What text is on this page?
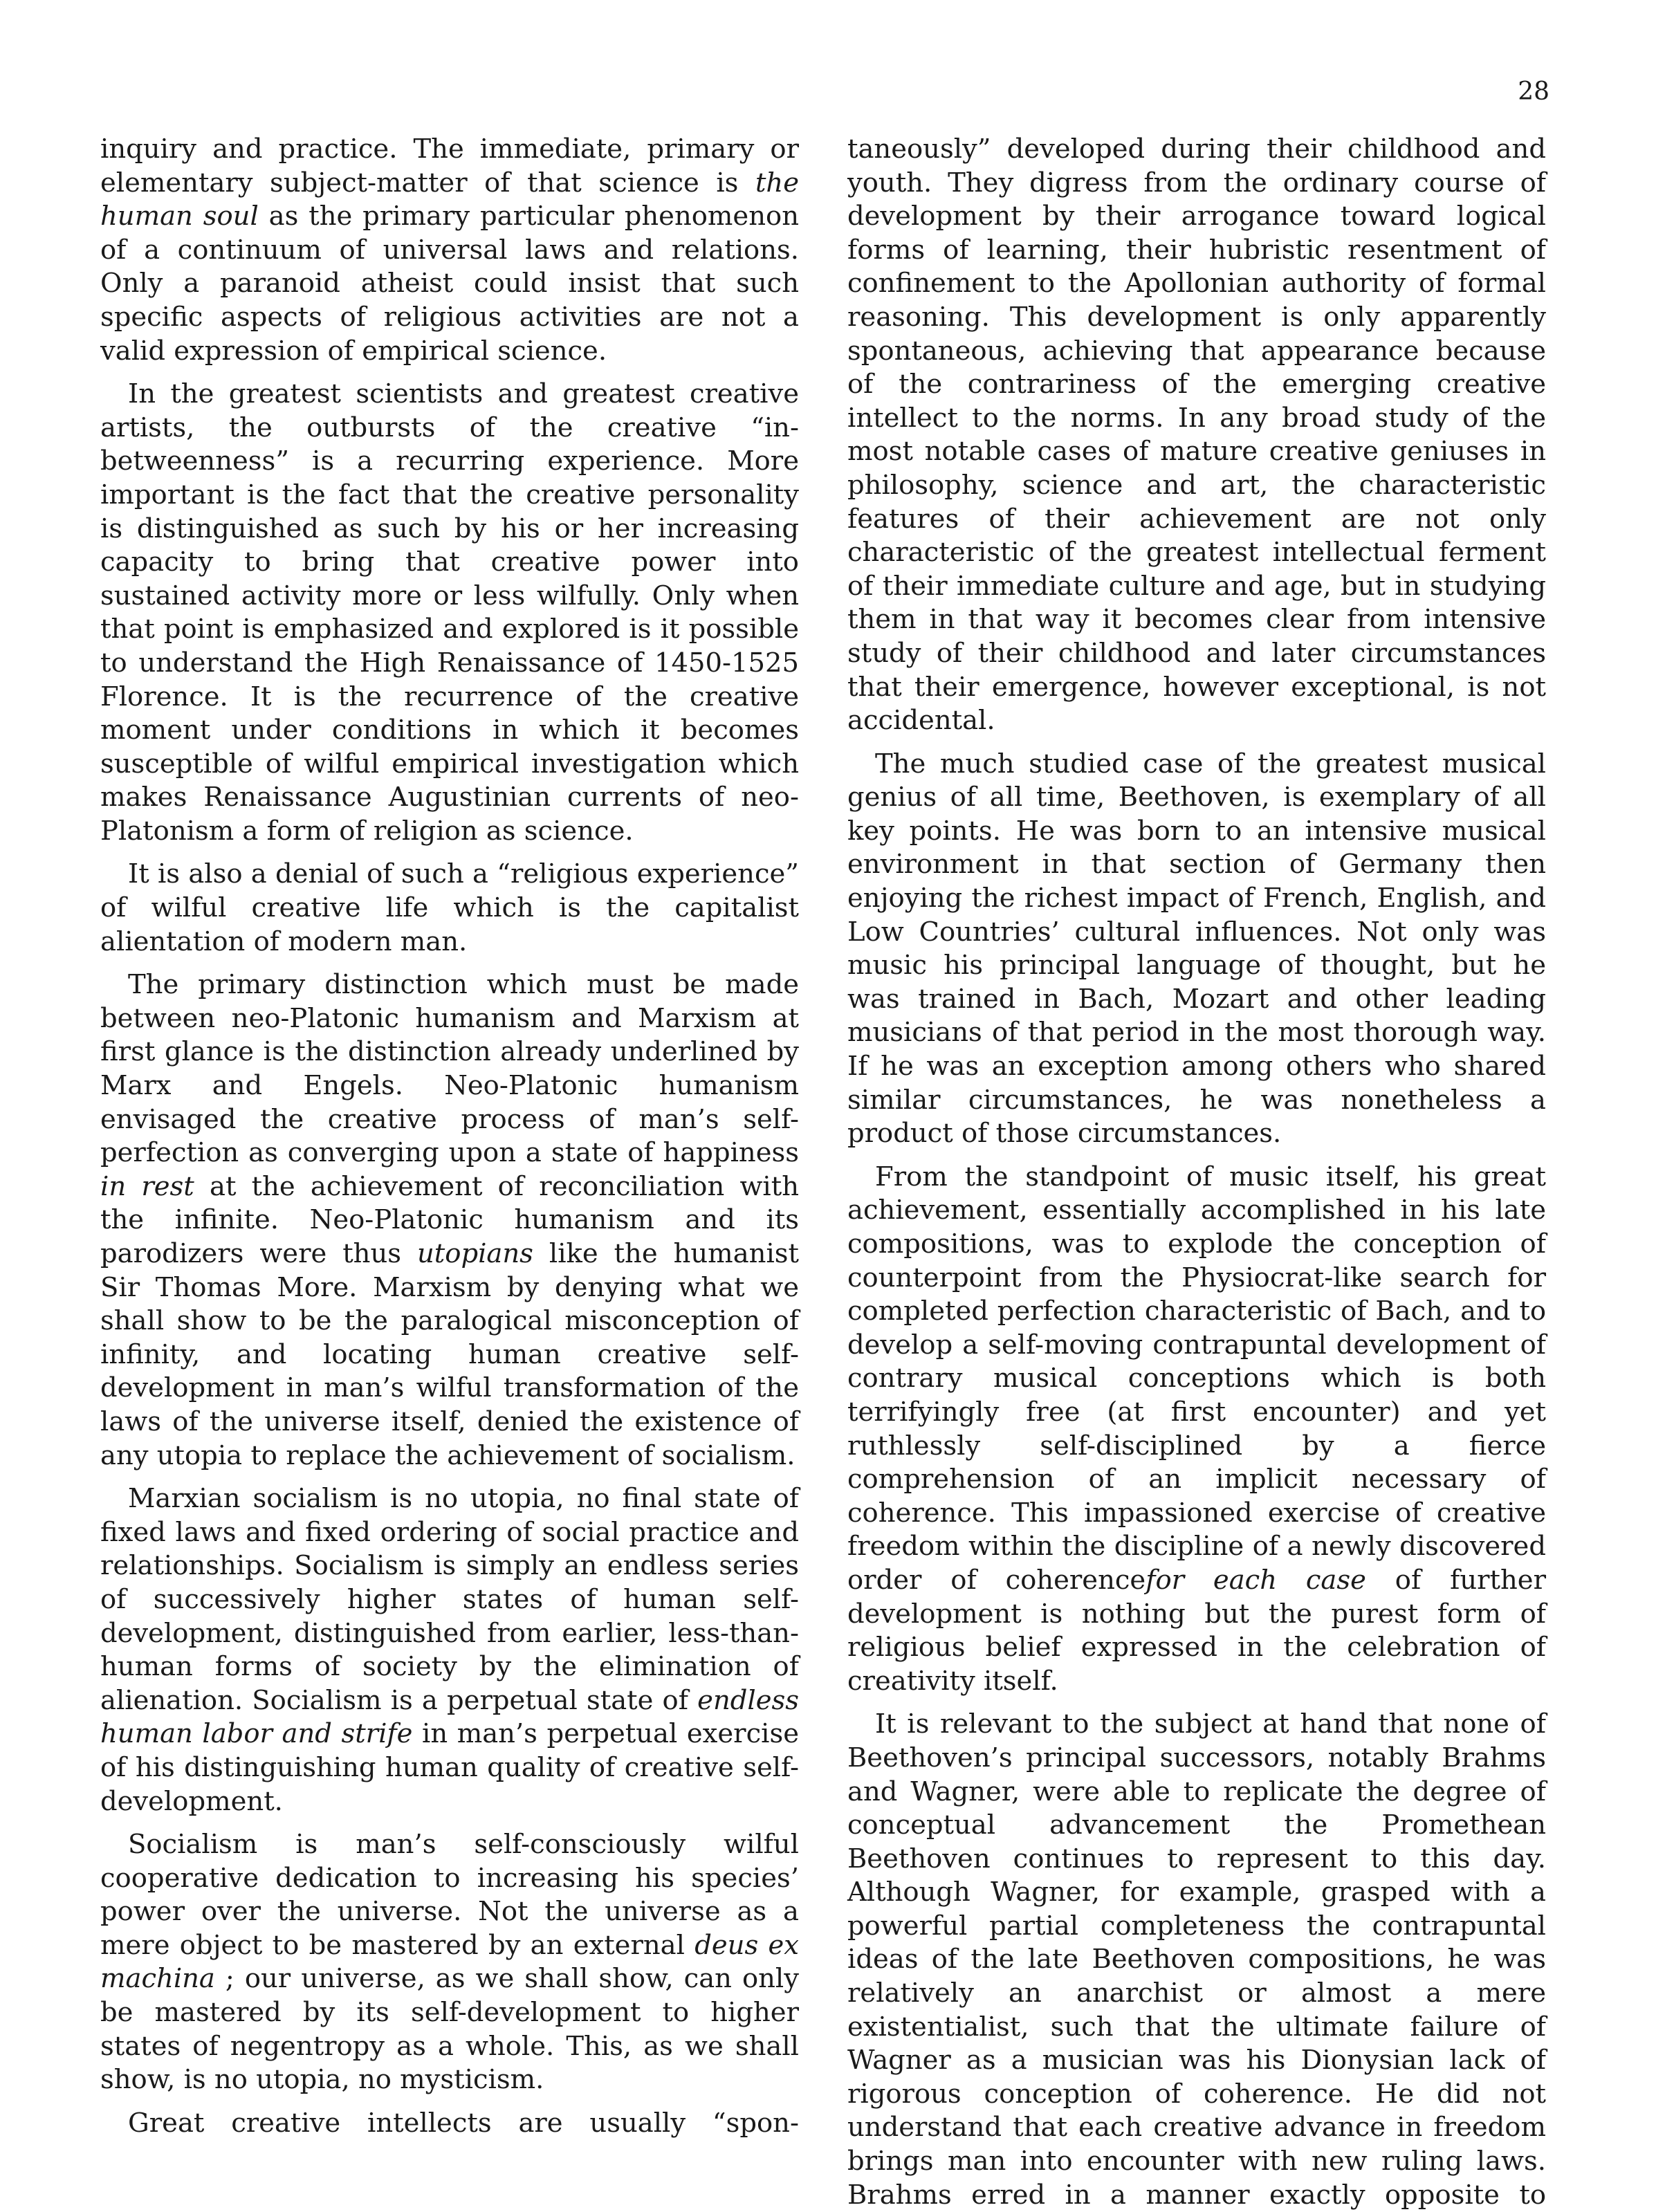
28

inquiry and practice. The immediate, primary or elementary subject-matter of that science is the human soul as the primary particular phenomenon of a continuum of universal laws and relations. Only a paranoid atheist could insist that such specific aspects of religious activities are not a valid expression of empirical science.

In the greatest scientists and greatest creative artists, the outbursts of the creative “in-betweenness” is a recurring experience. More important is the fact that the creative personality is distinguished as such by his or her increasing capacity to bring that creative power into sustained activity more or less wilfully. Only when that point is emphasized and explored is it possible to understand the High Renaissance of 1450-1525 Florence. It is the recurrence of the creative moment under conditions in which it becomes susceptible of wilful empirical investigation which makes Renaissance Augustinian currents of neo-Platonism a form of religion as science.

It is also a denial of such a “religious experience” of wilful creative life which is the capitalist alientation of modern man.

The primary distinction which must be made between neo-Platonic humanism and Marxism at first glance is the distinction already underlined by Marx and Engels. Neo-Platonic humanism envisaged the creative process of man’s self-perfection as converging upon a state of happiness in rest at the achievement of reconciliation with the infinite. Neo-Platonic humanism and its parodizers were thus utopians like the humanist Sir Thomas More. Marxism by denying what we shall show to be the paralogical misconception of infinity, and locating human creative self-development in man’s wilful transformation of the laws of the universe itself, denied the existence of any utopia to replace the achievement of socialism.

Marxian socialism is no utopia, no final state of fixed laws and fixed ordering of social practice and relationships. Socialism is simply an endless series of successively higher states of human self-development, distinguished from earlier, less-than-human forms of society by the elimination of alienation. Socialism is a perpetual state of endless human labor and strife in man’s perpetual exercise of his distinguishing human quality of creative self-development.

Socialism is man’s self-consciously wilful cooperative dedication to increasing his species’ power over the universe. Not the universe as a mere object to be mastered by an external deus ex machina ; our universe, as we shall show, can only be mastered by its self-development to higher states of negentropy as a whole. This, as we shall show, is no utopia, no mysticism.

Great creative intellects are usually “spon-

taneously” developed during their childhood and youth. They digress from the ordinary course of development by their arrogance toward logical forms of learning, their hubristic resentment of confinement to the Apollonian authority of formal reasoning. This development is only apparently spontaneous, achieving that appearance because of the contrariness of the emerging creative intellect to the norms. In any broad study of the most notable cases of mature creative geniuses in philosophy, science and art, the characteristic features of their achievement are not only characteristic of the greatest intellectual ferment of their immediate culture and age, but in studying them in that way it becomes clear from intensive study of their childhood and later circumstances that their emergence, however exceptional, is not accidental.

The much studied case of the greatest musical genius of all time, Beethoven, is exemplary of all key points. He was born to an intensive musical environment in that section of Germany then enjoying the richest impact of French, English, and Low Countries’ cultural influences. Not only was music his principal language of thought, but he was trained in Bach, Mozart and other leading musicians of that period in the most thorough way. If he was an exception among others who shared similar circumstances, he was nonetheless a product of those circumstances.

From the standpoint of music itself, his great achievement, essentially accomplished in his late compositions, was to explode the conception of counterpoint from the Physiocrat-like search for completed perfection characteristic of Bach, and to develop a self-moving contrapuntal development of contrary musical conceptions which is both terrifyingly free (at first encounter) and yet ruthlessly self-disciplined by a fierce comprehension of an implicit necessary of coherence. This impassioned exercise of creative freedom within the discipline of a newly discovered order of coherencefor each case of further development is nothing but the purest form of religious belief expressed in the celebration of creativity itself.

It is relevant to the subject at hand that none of Beethoven’s principal successors, notably Brahms and Wagner, were able to replicate the degree of conceptual advancement the Promethean Beethoven continues to represent to this day. Although Wagner, for example, grasped with a powerful partial completeness the contrapuntal ideas of the late Beethoven compositions, he was relatively an anarchist or almost a mere existentialist, such that the ultimate failure of Wagner as a musician was his Dionysian lack of rigorous conception of coherence. He did not understand that each creative advance in freedom brings man into encounter with new ruling laws. Brahms erred in a manner exactly opposite to
